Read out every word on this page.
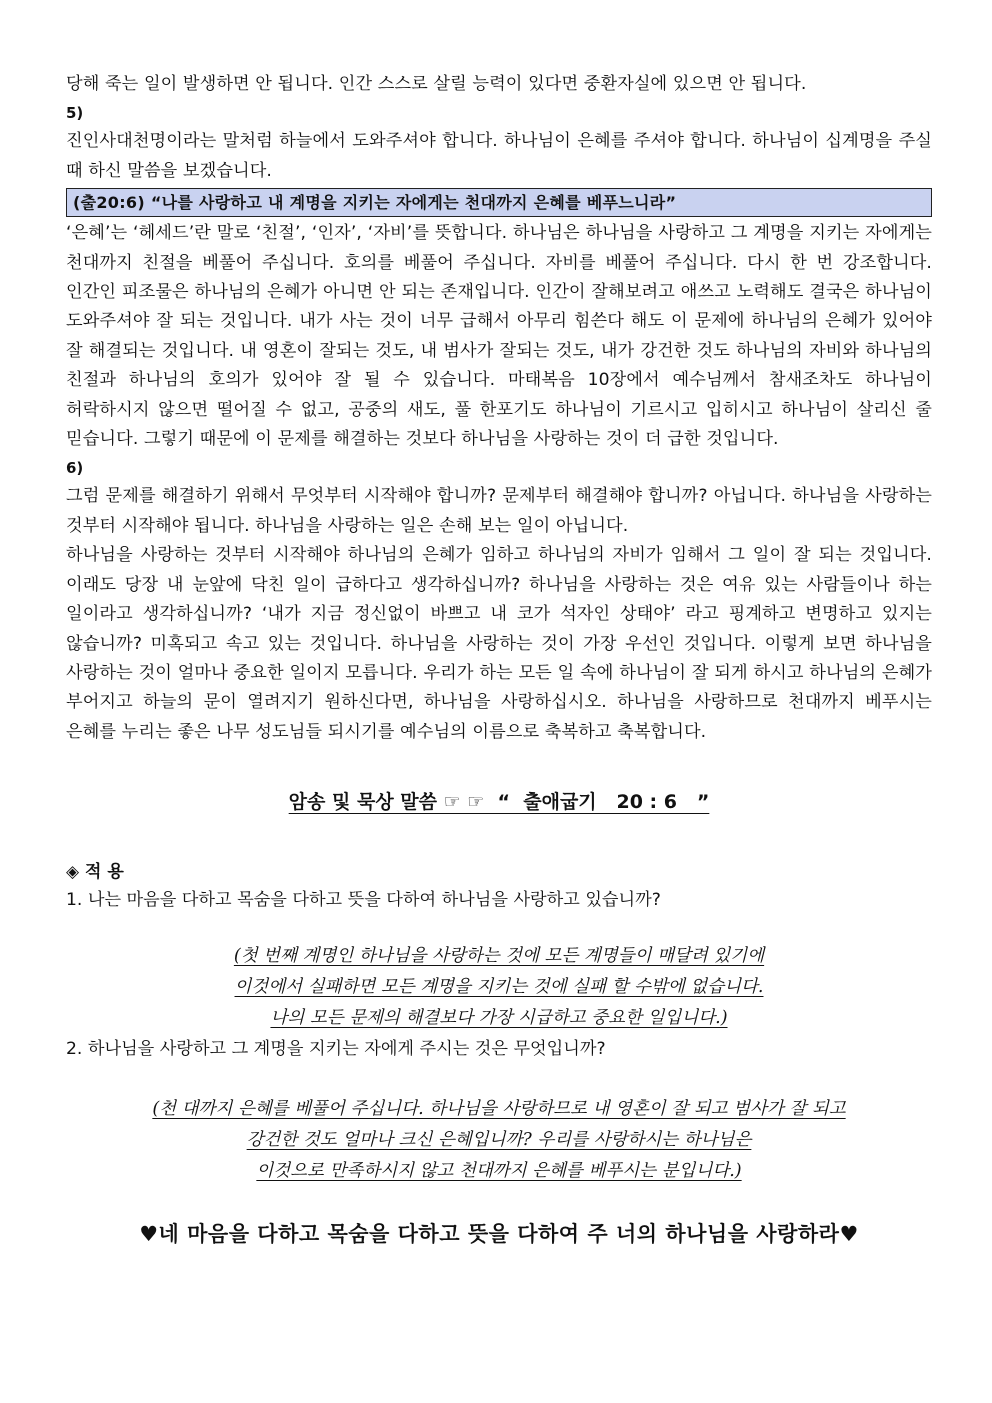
당해 죽는 일이 발생하면 안 됩니다. 인간 스스로 살릴 능력이 있다면 중환자실에 있으면 안 됩니다.

5)

진인사대천명이라는 말처럼 하늘에서 도와주셔야 합니다. 하나님이 은혜를 주셔야 합니다. 하나님이 십계명을 주실 때 하신 말씀을 보겠습니다.

(출20:6) “나를 사랑하고 내 계명을 지키는 자에게는 천대까지 은혜를 베푸느니라”

‘은혜’는 ‘헤세드’란 말로 ‘친절’, ‘인자’, ‘자비’를 뜻합니다. 하나님은 하나님을 사랑하고 그 계명을 지키는 자에게는 천대까지 친절을 베풀어 주십니다. 호의를 베풀어 주십니다. 자비를 베풀어 주십니다. 다시 한 번 강조합니다. 인간인 피조물은 하나님의 은혜가 아니면 안 되는 존재입니다. 인간이 잘해보려고 애쓰고 노력해도 결국은 하나님이 도와주셔야 잘 되는 것입니다. 내가 사는 것이 너무 급해서 아무리 힘쓴다 해도 이 문제에 하나님의 은혜가 있어야 잘 해결되는 것입니다. 내 영혼이 잘되는 것도, 내 범사가 잘되는 것도, 내가 강건한 것도 하나님의 자비와 하나님의 친절과 하나님의 호의가 있어야 잘 될 수 있습니다. 마태복음 10장에서 예수님께서 참새조차도 하나님이 허락하시지 않으면 떨어질 수 없고, 공중의 새도, 풀 한포기도 하나님이 기르시고 입히시고 하나님이 살리신 줄 믿습니다. 그렇기 때문에 이 문제를 해결하는 것보다 하나님을 사랑하는 것이 더 급한 것입니다.

6)

그럼 문제를 해결하기 위해서 무엇부터 시작해야 합니까? 문제부터 해결해야 합니까? 아닙니다. 하나님을 사랑하는 것부터 시작해야 됩니다. 하나님을 사랑하는 일은 손해 보는 일이 아닙니다.

하나님을 사랑하는 것부터 시작해야 하나님의 은혜가 임하고 하나님의 자비가 임해서 그 일이 잘 되는 것입니다. 이래도 당장 내 눈앞에 닥친 일이 급하다고 생각하십니까? 하나님을 사랑하는 것은 여유 있는 사람들이나 하는 일이라고 생각하십니까? ‘내가 지금 정신없이 바쁘고 내 코가 석자인 상태야’ 라고 핑계하고 변명하고 있지는 않습니까? 미혹되고 속고 있는 것입니다. 하나님을 사랑하는 것이 가장 우선인 것입니다. 이렇게 보면 하나님을 사랑하는 것이 얼마나 중요한 일이지 모릅니다. 우리가 하는 모든 일 속에 하나님이 잘 되게 하시고 하나님의 은혜가 부어지고 하늘의 문이 열려지기 원하신다면, 하나님을 사랑하십시오. 하나님을 사랑하므로 천대까지 베푸시는 은혜를 누리는 좋은 나무 성도님들 되시기를 예수님의 이름으로 축복하고 축복합니다.

암송 및 묵상 말씀 ☞ ☞  “  출애굽기   20 : 6   ”
◈ 적 용

1. 나는 마음을 다하고 목숨을 다하고 뜻을 다하여 하나님을 사랑하고 있습니까?

(첫 번째 계명인 하나님을 사랑하는 것에 모든 계명들이 매달려 있기에

이것에서 실패하면 모든 계명을 지키는 것에 실패 할 수밖에 없습니다.

나의 모든 문제의 해결보다 가장 시급하고 중요한 일입니다.)

2. 하나님을 사랑하고 그 계명을 지키는 자에게 주시는 것은 무엇입니까?

(천 대까지 은혜를 베풀어 주십니다. 하나님을 사랑하므로 내 영혼이 잘 되고 범사가 잘 되고

강건한 것도 얼마나 크신 은혜입니까? 우리를 사랑하시는 하나님은

이것으로 만족하시지 않고 천대까지 은혜를 베푸시는 분입니다.)

♥네 마음을 다하고 목숨을 다하고 뜻을 다하여 주 너의 하나님을 사랑하라♥
